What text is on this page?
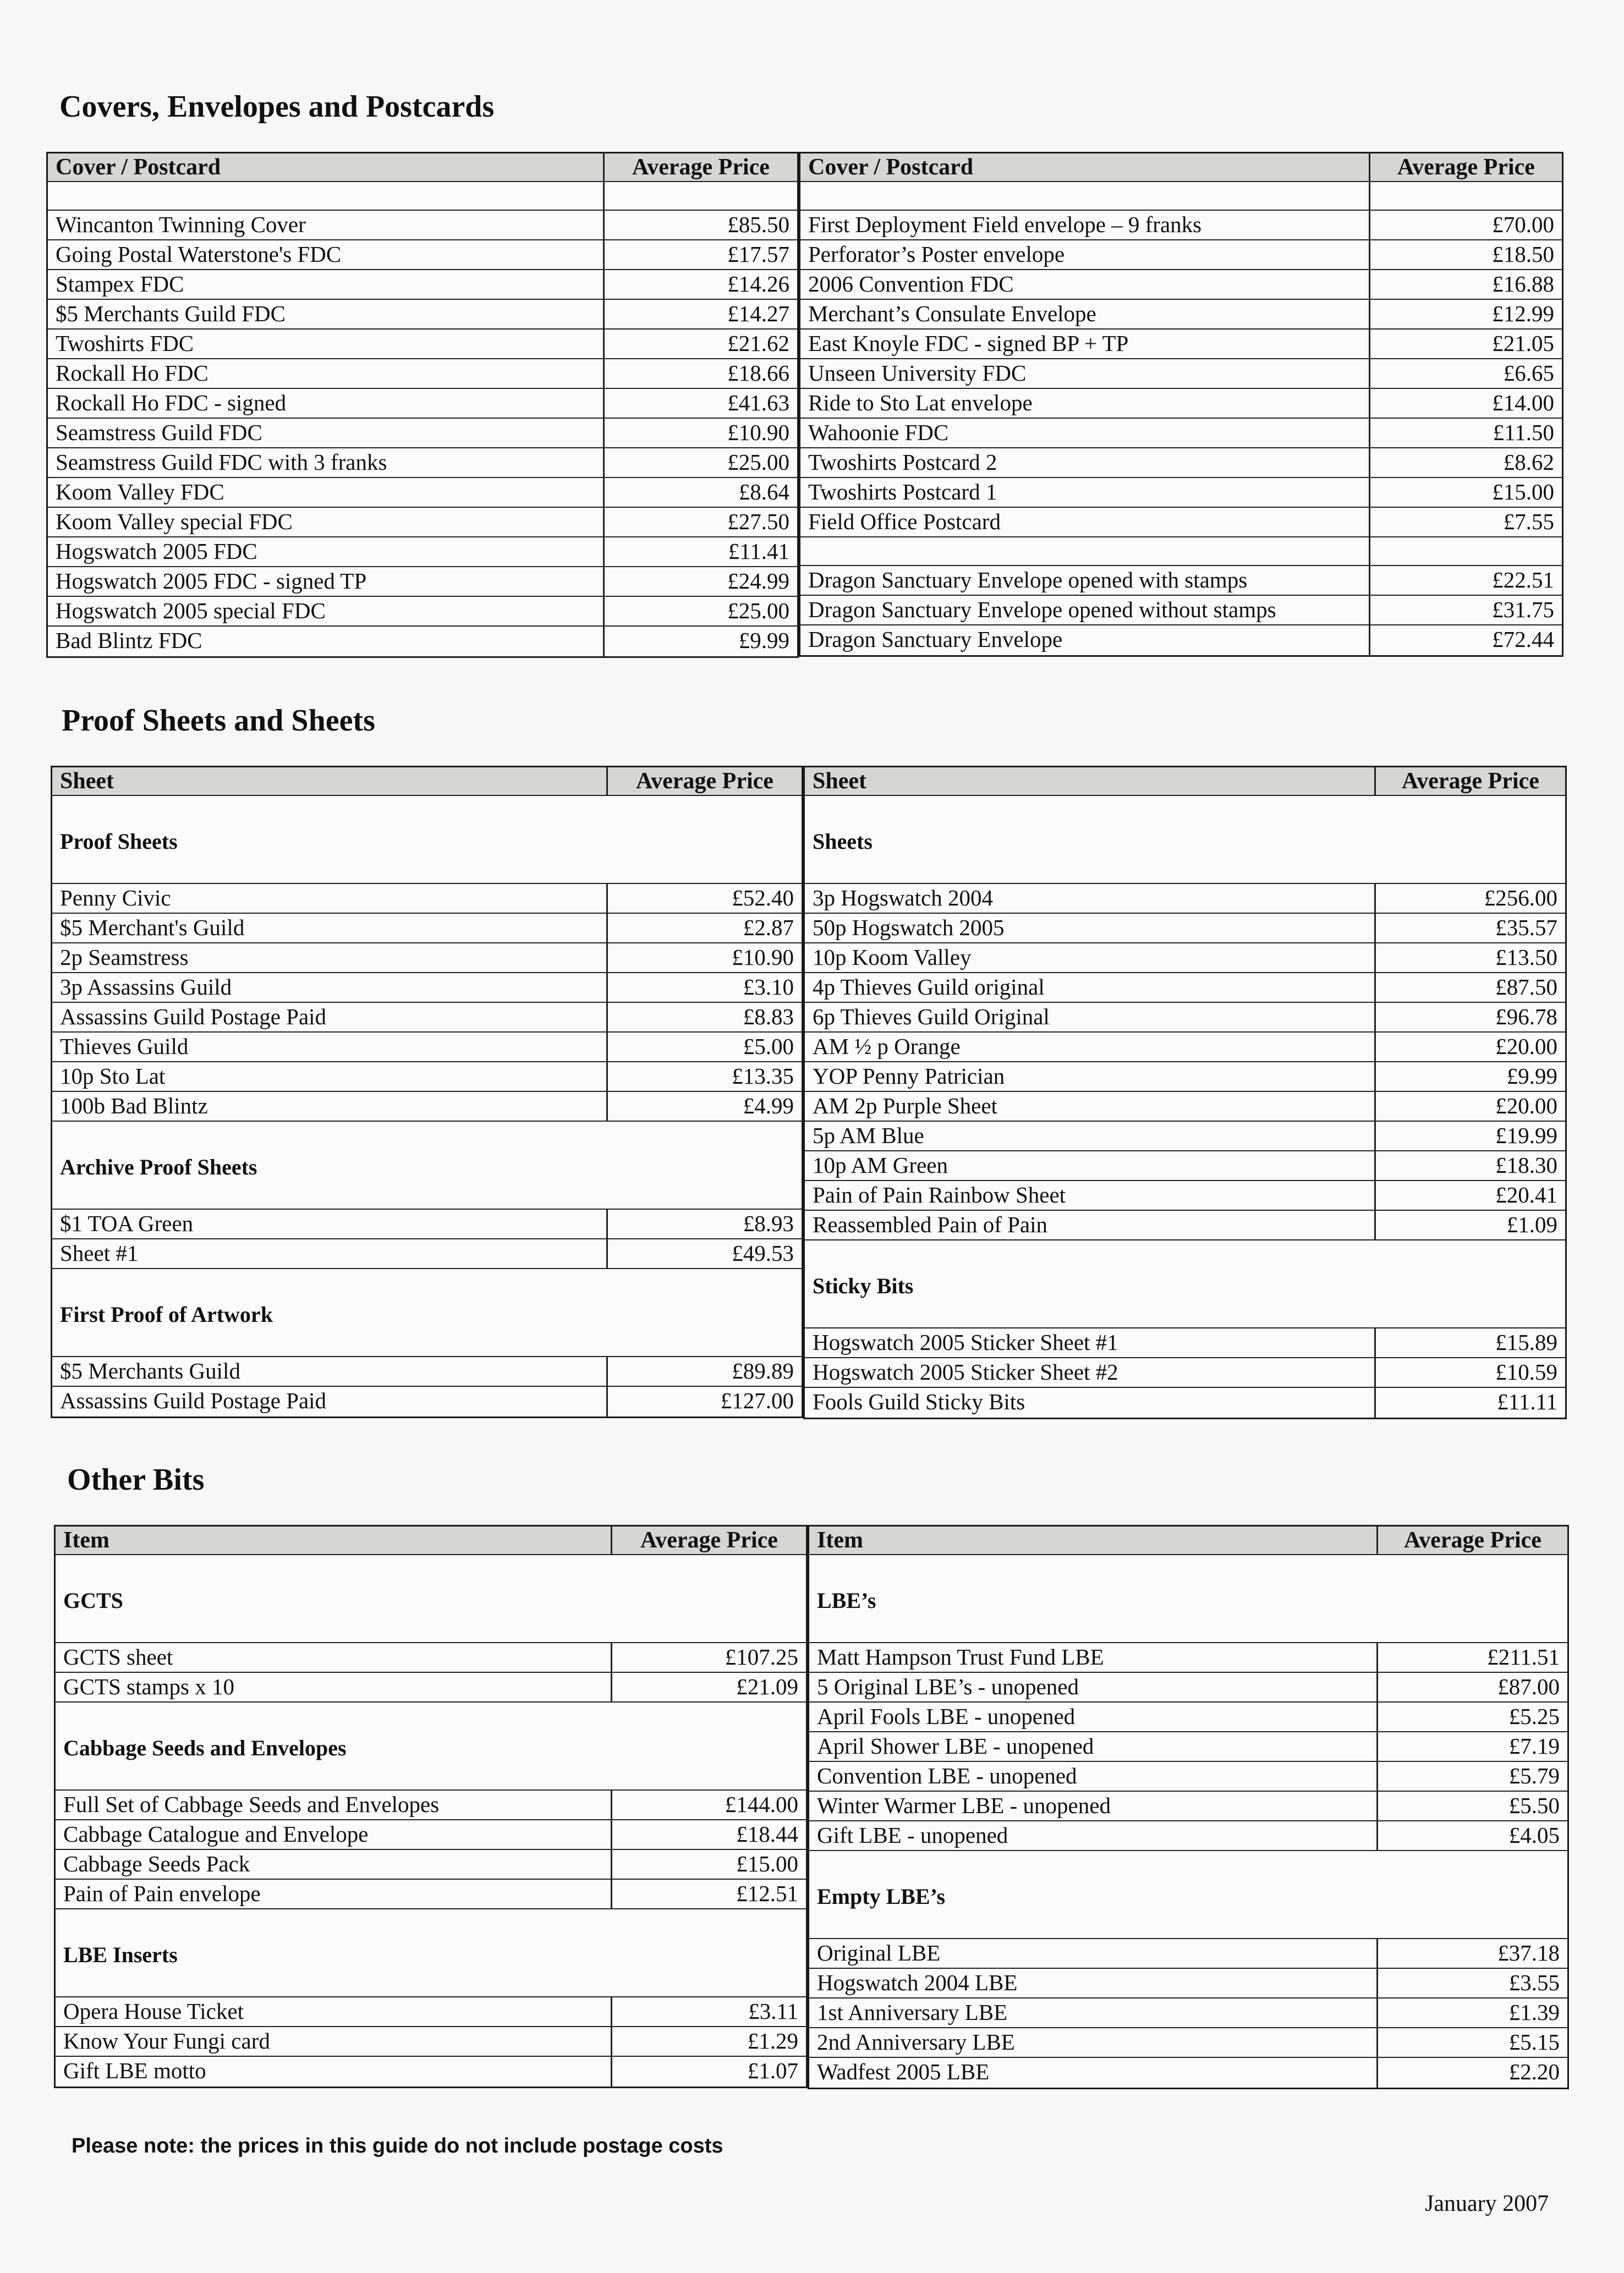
Covers, Envelopes and Postcards
Cover / Postcard	Average Price
Wincanton Twinning Cover	£85.50
Going Postal Waterstone's FDC	£17.57
Stampex FDC	£14.26
$5 Merchants Guild FDC	£14.27
Twoshirts FDC	£21.62
Rockall Ho FDC	£18.66
Rockall Ho FDC - signed	£41.63
Seamstress Guild FDC	£10.90
Seamstress Guild FDC with 3 franks	£25.00
Koom Valley FDC	£8.64
Koom Valley special FDC	£27.50
Hogswatch 2005 FDC	£11.41
Hogswatch 2005 FDC - signed TP	£24.99
Hogswatch 2005 special FDC	£25.00
Bad Blintz FDC	£9.99
Cover / Postcard	Average Price
First Deployment Field envelope – 9 franks	£70.00
Perforator’s Poster envelope	£18.50
2006 Convention FDC	£16.88
Merchant’s Consulate Envelope	£12.99
East Knoyle FDC - signed BP + TP	£21.05
Unseen University FDC	£6.65
Ride to Sto Lat envelope	£14.00
Wahoonie FDC	£11.50
Twoshirts Postcard 2	£8.62
Twoshirts Postcard 1	£15.00
Field Office Postcard	£7.55
Dragon Sanctuary Envelope opened with stamps	£22.51
Dragon Sanctuary Envelope opened without stamps	£31.75
Dragon Sanctuary Envelope	£72.44
Proof Sheets and Sheets
Sheet	Average Price
Proof Sheets
Penny Civic	£52.40
$5 Merchant's Guild	£2.87
2p Seamstress	£10.90
3p Assassins Guild	£3.10
Assassins Guild Postage Paid	£8.83
Thieves Guild	£5.00
10p Sto Lat	£13.35
100b Bad Blintz	£4.99
Archive Proof Sheets
$1 TOA Green	£8.93
Sheet #1	£49.53
First Proof of Artwork
$5 Merchants Guild	£89.89
Assassins Guild Postage Paid	£127.00
Sheet	Average Price
Sheets
3p Hogswatch 2004	£256.00
50p Hogswatch 2005	£35.57
10p Koom Valley	£13.50
4p Thieves Guild original	£87.50
6p Thieves Guild Original	£96.78
AM ½ p Orange	£20.00
YOP Penny Patrician	£9.99
AM 2p Purple Sheet	£20.00
5p AM Blue	£19.99
10p AM Green	£18.30
Pain of Pain Rainbow Sheet	£20.41
Reassembled Pain of Pain	£1.09
Sticky Bits
Hogswatch 2005 Sticker Sheet #1	£15.89
Hogswatch 2005 Sticker Sheet #2	£10.59
Fools Guild Sticky Bits	£11.11
Other Bits
Item	Average Price
GCTS
GCTS sheet	£107.25
GCTS stamps x 10	£21.09
Cabbage Seeds and Envelopes
Full Set of Cabbage Seeds and Envelopes	£144.00
Cabbage Catalogue and Envelope	£18.44
Cabbage Seeds Pack	£15.00
Pain of Pain envelope	£12.51
LBE Inserts
Opera House Ticket	£3.11
Know Your Fungi card	£1.29
Gift LBE motto	£1.07
Item	Average Price
LBE’s
Matt Hampson Trust Fund LBE	£211.51
5 Original LBE’s - unopened	£87.00
April Fools LBE - unopened	£5.25
April Shower LBE - unopened	£7.19
Convention LBE - unopened	£5.79
Winter Warmer LBE - unopened	£5.50
Gift LBE - unopened	£4.05
Empty LBE’s
Original LBE	£37.18
Hogswatch 2004 LBE	£3.55
1st Anniversary LBE	£1.39
2nd Anniversary LBE	£5.15
Wadfest 2005 LBE	£2.20
Please note: the prices in this guide do not include postage costs
January 2007
